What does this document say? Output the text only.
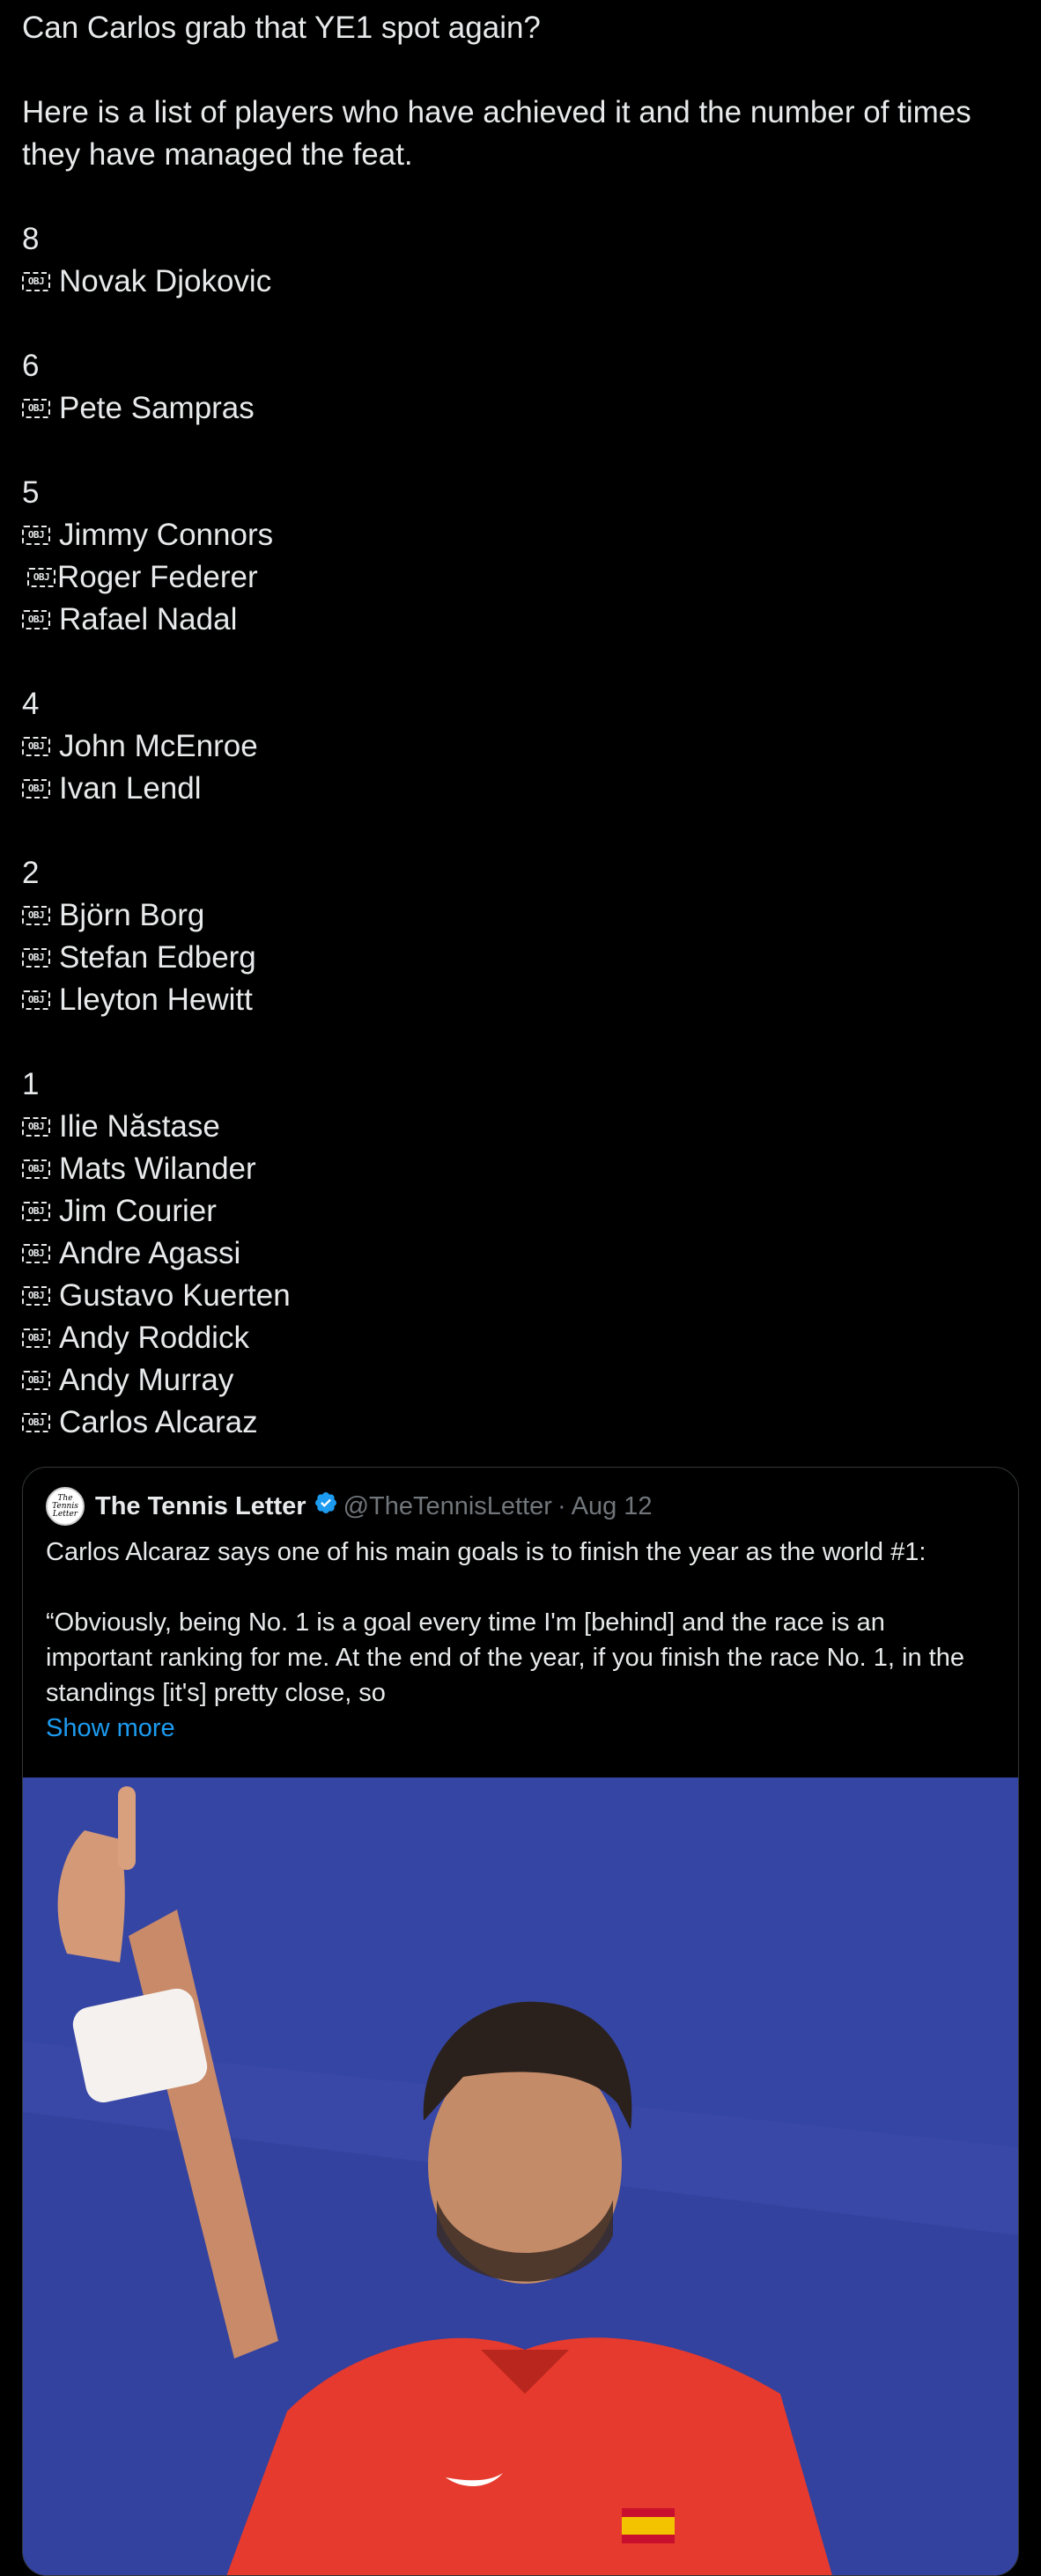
Can Carlos grab that YE1 spot again?

Here is a list of players who have achieved it and the number of times they have managed the feat.

8

OBJ Novak Djokovic

6

OBJ Pete Sampras

5

OBJ Jimmy Connors
OBJ Roger Federer
OBJ Rafael Nadal

4

OBJ John McEnroe
OBJ Ivan Lendl

2

OBJ Björn Borg
OBJ Stefan Edberg
OBJ Lleyton Hewitt

1

OBJ Ilie Năstase
OBJ Mats Wilander
OBJ Jim Courier
OBJ Andre Agassi
OBJ Gustavo Kuerten
OBJ Andy Roddick
OBJ Andy Murray
OBJ Carlos Alcaraz
The Tennis Letter The Tennis Letter @TheTennisLetter · Aug 12

Carlos Alcaraz says one of his main goals is to finish the year as the world #1:

“Obviously, being No. 1 is a goal every time I'm [behind] and the race is an important ranking for me. At the end of the year, if you finish the race No. 1, in the standings [it's] pretty close, so

Show more
